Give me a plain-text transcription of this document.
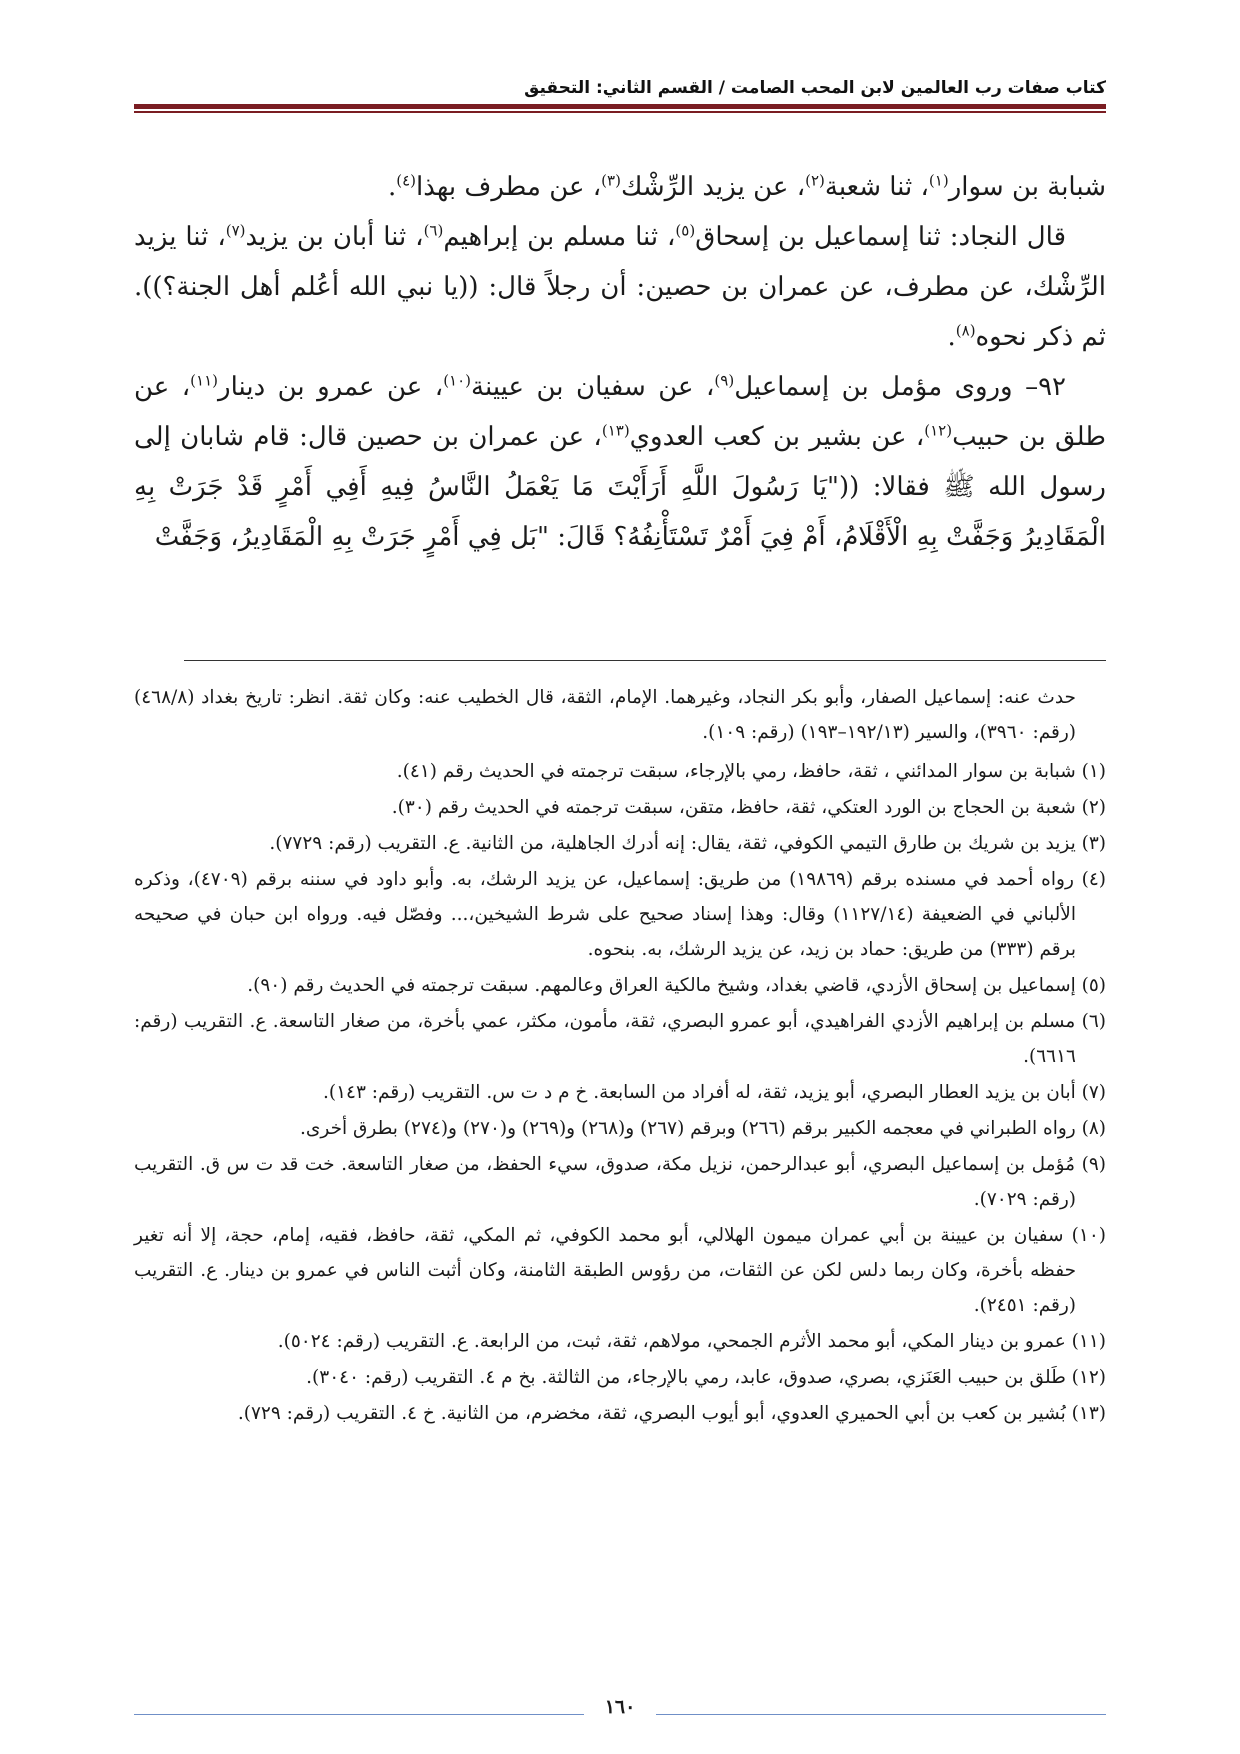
كتاب صفات رب العالمين لابن المحب الصامت / القسم الثاني: التحقيق

شبابة بن سوار$^{(١)}$، ثنا شعبة$^{(٢)}$، عن يزيد الرِّشْك$^{(٣)}$، عن مطرف بهذا$^{(٤)}$.

قال النجاد: ثنا إسماعيل بن إسحاق$^{(٥)}$، ثنا مسلم بن إبراهيم$^{(٦)}$، ثنا أبان بن يزيد$^{(٧)}$، ثنا يزيد الرِّشْك، عن مطرف، عن عمران بن حصين: أن رجلاً قال: ((يا نبي الله أعُلم أهل الجنة؟)). ثم ذكر نحوه$^{(٨)}$.

٩٢– وروى مؤمل بن إسماعيل$^{(٩)}$، عن سفيان بن عيينة$^{(١٠)}$، عن عمرو بن دينار$^{(١١)}$، عن طلق بن حبيب$^{(١٢)}$، عن بشير بن كعب العدوي$^{(١٣)}$، عن عمران بن حصين قال: قام شابان إلى رسول الله ﷺ فقالا: (("يَا رَسُولَ اللَّهِ أَرَأَيْتَ مَا يَعْمَلُ النَّاسُ فِيهِ أَفِي أَمْرٍ قَدْ جَرَتْ بِهِ الْمَقَادِيرُ وَجَفَّتْ بِهِ الْأَقْلَامُ، أَمْ فِيَ أَمْرٌ تَسْتَأْنِفُهُ؟ قَالَ: "بَل فِي أَمْرٍ جَرَتْ بِهِ الْمَقَادِيرُ، وَجَفَّتْ

حدث عنه: إسماعيل الصفار، وأبو بكر النجاد، وغيرهما. الإمام، الثقة، قال الخطيب عنه: وكان ثقة. انظر: تاريخ بغداد (٤٦٨/٨) (رقم: ٣٩٦٠)، والسير (١٩٢/١٣–١٩٣) (رقم: ١٠٩).

(١) شبابة بن سوار المدائني ، ثقة، حافظ، رمي بالإرجاء، سبقت ترجمته في الحديث رقم (٤١).

(٢) شعبة بن الحجاج بن الورد العتكي، ثقة، حافظ، متقن، سبقت ترجمته في الحديث رقم (٣٠).

(٣) يزيد بن شريك بن طارق التيمي الكوفي، ثقة، يقال: إنه أدرك الجاهلية، من الثانية. ع. التقريب (رقم: ٧٧٢٩).

(٤) رواه أحمد في مسنده برقم (١٩٨٦٩) من طريق: إسماعيل، عن يزيد الرشك، به. وأبو داود في سننه برقم (٤٧٠٩)، وذكره الألباني في الضعيفة (١١٢٧/١٤) وقال: وهذا إسناد صحيح على شرط الشيخين،... وفصّل فيه. ورواه ابن حبان في صحيحه برقم (٣٣٣) من طريق: حماد بن زيد، عن يزيد الرشك، به. بنحوه.

(٥) إسماعيل بن إسحاق الأزدي، قاضي بغداد، وشيخ مالكية العراق وعالمهم. سبقت ترجمته في الحديث رقم (٩٠).

(٦) مسلم بن إبراهيم الأزدي الفراهيدي، أبو عمرو البصري، ثقة، مأمون، مكثر، عمي بأخرة، من صغار التاسعة. ع. التقريب (رقم: ٦٦١٦).

(٧) أبان بن يزيد العطار البصري، أبو يزيد، ثقة، له أفراد من السابعة. خ م د ت س. التقريب (رقم: ١٤٣).

(٨) رواه الطبراني في معجمه الكبير برقم (٢٦٦) وبرقم (٢٦٧) و(٢٦٨) و(٢٦٩) و(٢٧٠) و(٢٧٤) بطرق أخرى.

(٩) مُؤمل بن إسماعيل البصري، أبو عبدالرحمن، نزيل مكة، صدوق، سيء الحفظ، من صغار التاسعة. خت قد ت س ق. التقريب (رقم: ٧٠٢٩).

(١٠) سفيان بن عيينة بن أبي عمران ميمون الهلالي، أبو محمد الكوفي، ثم المكي، ثقة، حافظ، فقيه، إمام، حجة، إلا أنه تغير حفظه بأخرة، وكان ربما دلس لكن عن الثقات، من رؤوس الطبقة الثامنة، وكان أثبت الناس في عمرو بن دينار. ع. التقريب (رقم: ٢٤٥١).

(١١) عمرو بن دينار المكي، أبو محمد الأثرم الجمحي، مولاهم، ثقة، ثبت، من الرابعة. ع. التقريب (رقم: ٥٠٢٤).

(١٢) طَلق بن حبيب العَنَزي، بصري، صدوق، عابد، رمي بالإرجاء، من الثالثة. بخ م ٤. التقريب (رقم: ٣٠٤٠).

(١٣) بُشير بن كعب بن أبي الحميري العدوي، أبو أيوب البصري، ثقة، مخضرم، من الثانية. خ ٤. التقريب (رقم: ٧٢٩).

١٦٠
